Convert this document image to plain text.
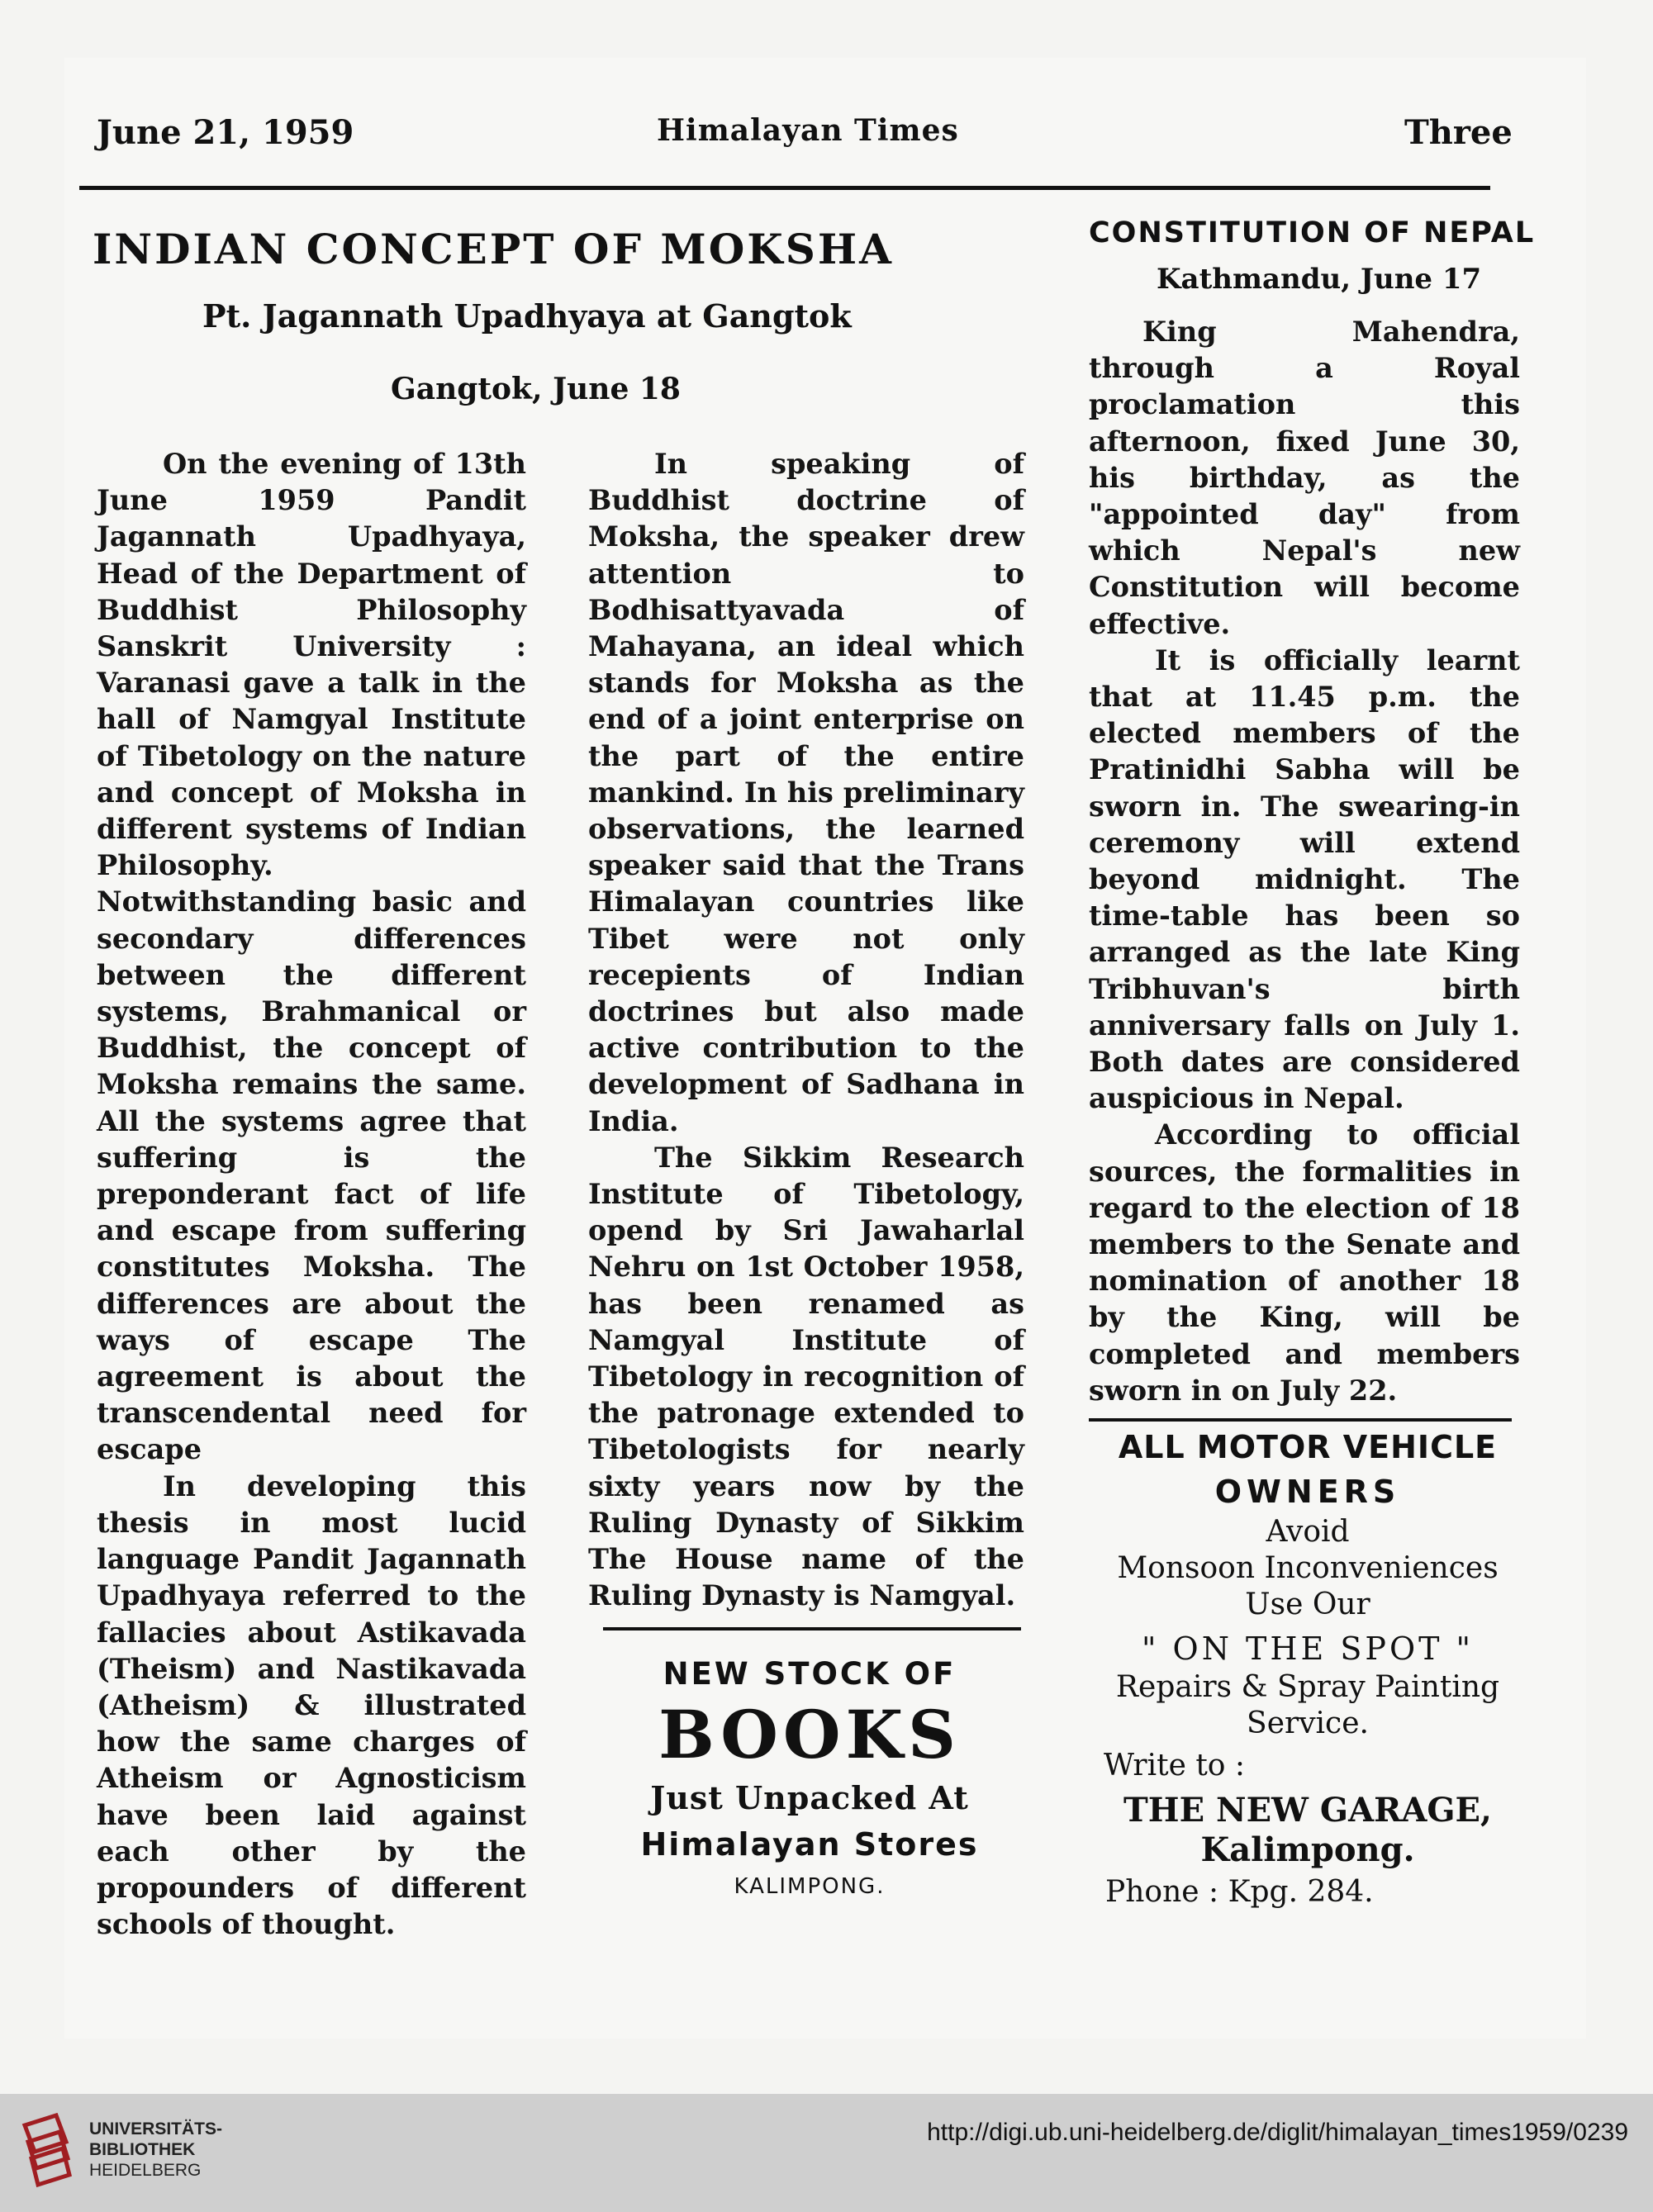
June 21, 1959	Himalayan Times	Three
INDIAN CONCEPT OF MOKSHA
Pt. Jagannath Upadhyaya at Gangtok
Gangtok, June 18

On the evening of 13th June 1959 Pandit Jagannath Upadhyaya, Head of the Department of Buddhist Philosophy Sanskrit University : Varanasi gave a talk in the hall of Namgyal Institute of Tibetology on the nature and concept of Moksha in different systems of Indian Philosophy. Notwithstanding basic and secondary differences between the different systems, Brahmanical or Buddhist, the concept of Moksha remains the same. All the systems agree that suffering is the preponderant fact of life and escape from suffering constitutes Moksha. The differences are about the ways of escape The agreement is about the transcendental need for escape

In developing this thesis in most lucid language Pandit Jagannath Upadhyaya referred to the fallacies about Astikavada (Theism) and Nastikavada (Atheism) & illustrated how the same charges of Atheism or Agnosticism have been laid against each other by the propounders of different schools of thought.

In speaking of Buddhist doctrine of Moksha, the speaker drew attention to Bodhisattyavada of Mahayana, an ideal which stands for Moksha as the end of a joint enterprise on the part of the entire mankind. In his preliminary observations, the learned speaker said that the Trans Himalayan countries like Tibet were not only recepients of Indian doctrines but also made active contribution to the development of Sadhana in India.

The Sikkim Research Institute of Tibetology, opend by Sri Jawaharlal Nehru on 1st October 1958, has been renamed as Namgyal Institute of Tibetology in recognition of the patronage extended to Tibetologists for nearly sixty years now by the Ruling Dynasty of Sikkim The House name of the Ruling Dynasty is Namgyal.

NEW STOCK OF
BOOKS
Just Unpacked At
Himalayan Stores
KALIMPONG.
CONSTITUTION OF NEPAL
Kathmandu, June 17

King Mahendra, through a Royal proclamation this afternoon, fixed June 30, his birthday, as the "appointed day" from which Nepal's new Constitution will become effective.

It is officially learnt that at 11.45 p.m. the elected members of the Pratinidhi Sabha will be sworn in. The swearing-in ceremony will extend beyond midnight. The time-table has been so arranged as the late King Tribhuvan's birth anniversary falls on July 1. Both dates are considered auspicious in Nepal.

According to official sources, the formalities in regard to the election of 18 members to the Senate and nomination of another 18 by the King, will be completed and members sworn in on July 22.

ALL MOTOR VEHICLE
OWNERS
Avoid
Monsoon Inconveniences
Use Our
" ON THE SPOT "
Repairs & Spray Painting
Service.
Write to :
THE NEW GARAGE,
Kalimpong.
Phone : Kpg. 284.
UNIVERSITÄTS-
BIBLIOTHEK
HEIDELBERG
http://digi.ub.uni-heidelberg.de/diglit/himalayan_times1959/0239
